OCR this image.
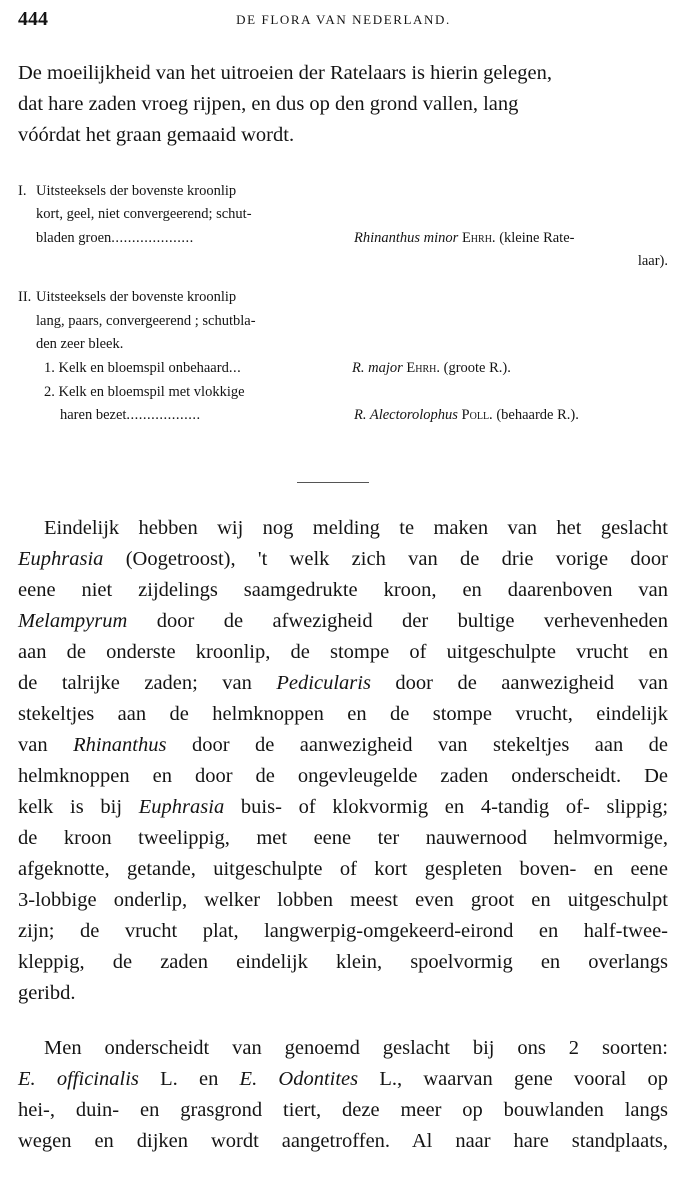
444	DE FLORA VAN NEDERLAND.
De moeilijkheid van het uitroeien der Ratelaars is hierin gelegen,
dat hare zaden vroeg rijpen, en dus op den grond vallen, lang
vóórdat het graan gemaaid wordt.
I. Uitsteeksels der bovenste kroonlip
kort, geel, niet convergeerend; schut-
bladen groen....................	Rhinanthus minor Ehrh. (kleine Rate-
laar).
II. Uitsteeksels der bovenste kroonlip
lang, paars, convergeerend ; schutbla-
den zeer bleek.
1. Kelk en bloemspil onbehaard...	R. major Ehrh. (groote R.).
2. Kelk en bloemspil met vlokkige
haren bezet..................	R. Alectorolophus Poll. (behaarde R.).
Eindelijk hebben wij nog melding te maken van het geslacht
Euphrasia (Oogetroost), 't welk zich van de drie vorige door
eene niet zijdelings saamgedrukte kroon, en daarenboven van
Melampyrum door de afwezigheid der bultige verhevenheden
aan de onderste kroonlip, de stompe of uitgeschulpte vrucht en
de talrijke zaden; van Pedicularis door de aanwezigheid van
stekeltjes aan de helmknoppen en de stompe vrucht, eindelijk
van Rhinanthus door de aanwezigheid van stekeltjes aan de
helmknoppen en door de ongevleugelde zaden onderscheidt. De
kelk is bij Euphrasia buis- of klokvormig en 4-tandig of- slippig;
de kroon tweelippig, met eene ter nauwernood helmvormige,
afgeknotte, getande, uitgeschulpte of kort gespleten boven- en eene
3-lobbige onderlip, welker lobben meest even groot en uitgeschulpt
zijn; de vrucht plat, langwerpig-omgekeerd-eirond en half-twee-
kleppig, de zaden eindelijk klein, spoelvormig en overlangs
geribd.
Men onderscheidt van genoemd geslacht bij ons 2 soorten:
E. officinalis L. en E. Odontites L., waarvan gene vooral op
hei-, duin- en grasgrond tiert, deze meer op bouwlanden langs
wegen en dijken wordt aangetroffen. Al naar hare standplaats,
